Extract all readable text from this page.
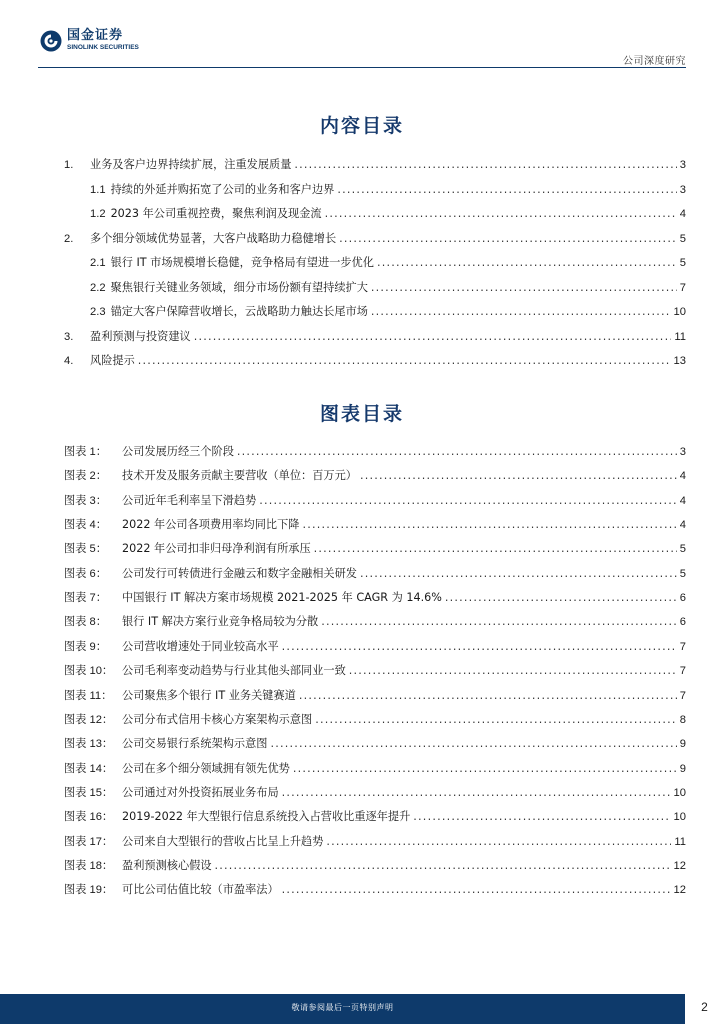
国金证券
SINOLINK SECURITIES
公司深度研究
内容目录
1.	业务及客户边界持续扩展，注重发展质量 .....	3
1.1 持续的外延并购拓宽了公司的业务和客户边界 .....	3
1.2 2023 年公司重视控费，聚焦利润及现金流 .....	4
2.	多个细分领域优势显著，大客户战略助力稳健增长 .....	5
2.1 银行 IT 市场规模增长稳健，竞争格局有望进一步优化 .....	5
2.2 聚焦银行关键业务领域，细分市场份额有望持续扩大 .....	7
2.3 锚定大客户保障营收增长，云战略助力触达长尾市场 .....	10
3.	盈利预测与投资建议 .....	11
4.	风险提示 .....	13
图表目录
图表 1：	公司发展历经三个阶段 .....	3
图表 2：	技术开发及服务贡献主要营收（单位：百万元） .....	4
图表 3：	公司近年毛利率呈下滑趋势 .....	4
图表 4：	2022 年公司各项费用率均同比下降 .....	4
图表 5：	2022 年公司扣非归母净利润有所承压 .....	5
图表 6：	公司发行可转债进行金融云和数字金融相关研发 .....	5
图表 7：	中国银行 IT 解决方案市场规模 2021-2025 年 CAGR 为 14.6% .....	6
图表 8：	银行 IT 解决方案行业竞争格局较为分散 .....	6
图表 9：	公司营收增速处于同业较高水平 .....	7
图表 10： 公司毛利率变动趋势与行业其他头部同业一致 .....	7
图表 11： 公司聚焦多个银行 IT 业务关键赛道 .....	7
图表 12： 公司分布式信用卡核心方案架构示意图 .....	8
图表 13： 公司交易银行系统架构示意图 .....	9
图表 14： 公司在多个细分领域拥有领先优势 .....	9
图表 15： 公司通过对外投资拓展业务布局 .....	10
图表 16： 2019-2022 年大型银行信息系统投入占营收比重逐年提升 .....	10
图表 17： 公司来自大型银行的营收占比呈上升趋势 .....	11
图表 18： 盈利预测核心假设 .....	12
图表 19： 可比公司估值比较（市盈率法） .....	12
敬请参阅最后一页特别声明	2
